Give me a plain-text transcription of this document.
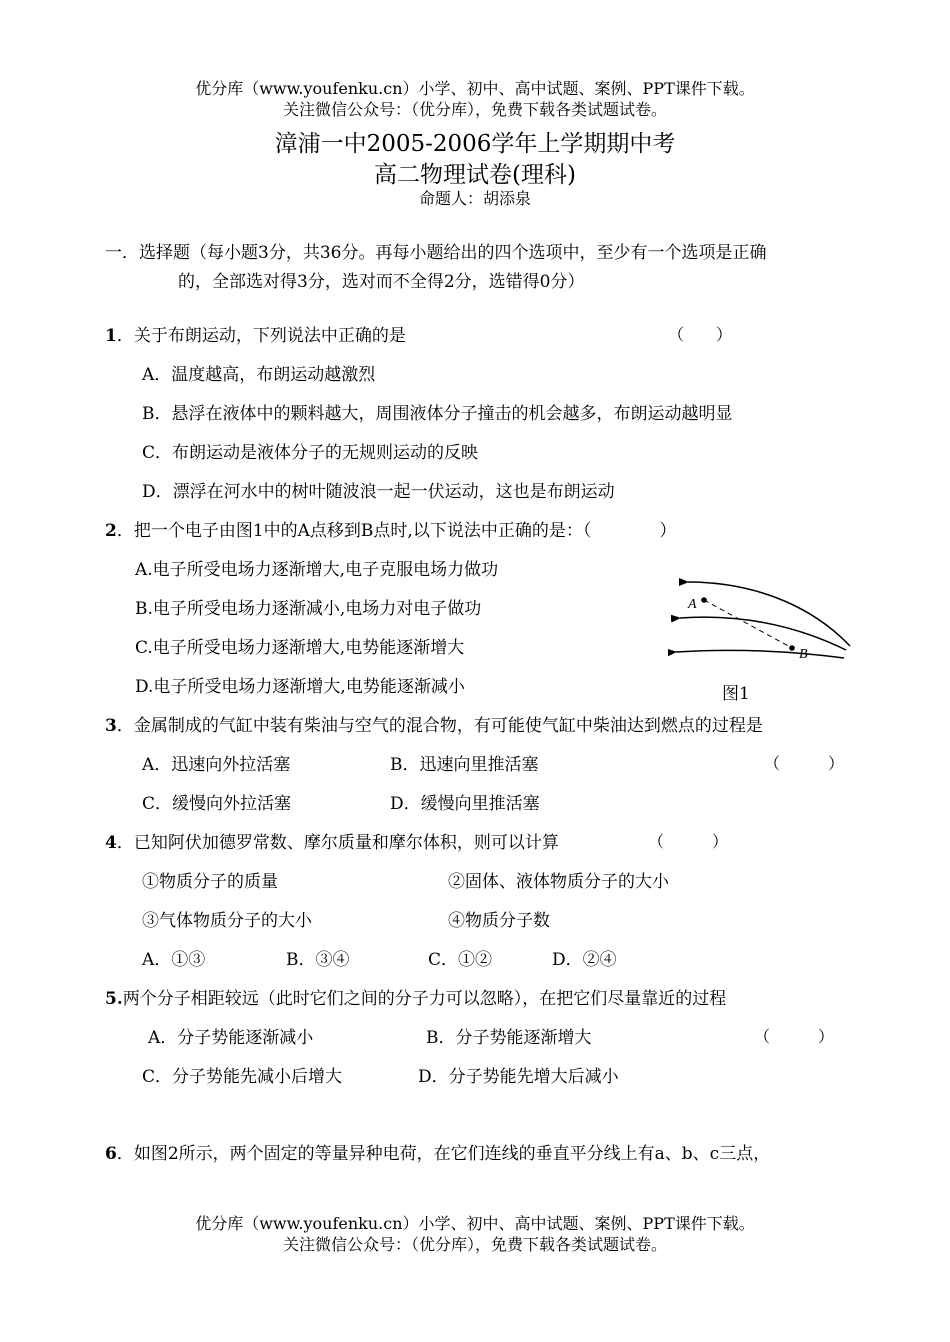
优分库（www.youfenku.cn）小学、初中、高中试题、案例、PPT课件下载。
关注微信公众号：（优分库），免费下载各类试题试卷。
漳浦一中2005-2006学年上学期期中考
高二物理试卷(理科)
命题人：胡添泉
一．选择题（每小题3分，共36分。再每小题给出的四个选项中，至少有一个选项是正确
的，全部选对得3分，选对而不全得2分，选错得0分）
1．关于布朗运动，下列说法中正确的是	（　　）
A．温度越高，布朗运动越激烈
B．悬浮在液体中的颗料越大，周围液体分子撞击的机会越多，布朗运动越明显
C．布朗运动是液体分子的无规则运动的反映
D．漂浮在河水中的树叶随波浪一起一伏运动，这也是布朗运动
2．把一个电子由图1中的A点移到B点时,以下说法中正确的是：（　　　　）
A.电子所受电场力逐渐增大,电子克服电场力做功
B.电子所受电场力逐渐减小,电场力对电子做功
C.电子所受电场力逐渐增大,电势能逐渐增大
D.电子所受电场力逐渐增大,电势能逐渐减小
A
B
图1
3．金属制成的气缸中装有柴油与空气的混合物，有可能使气缸中柴油达到燃点的过程是
A．迅速向外拉活塞	B．迅速向里推活塞	（　　　）
C．缓慢向外拉活塞	D．缓慢向里推活塞
4．已知阿伏加德罗常数、摩尔质量和摩尔体积，则可以计算	（　　　）
①物质分子的质量	②固体、液体物质分子的大小
③气体物质分子的大小	④物质分子数
A．①③	B．③④	C．①②	D．②④
5.两个分子相距较远（此时它们之间的分子力可以忽略），在把它们尽量靠近的过程
A．分子势能逐渐减小	B．分子势能逐渐增大	（　　　）
C．分子势能先减小后增大	D．分子势能先增大后减小
6．如图2所示，两个固定的等量异种电荷，在它们连线的垂直平分线上有a、b、c三点，
优分库（www.youfenku.cn）小学、初中、高中试题、案例、PPT课件下载。
关注微信公众号：（优分库），免费下载各类试题试卷。
